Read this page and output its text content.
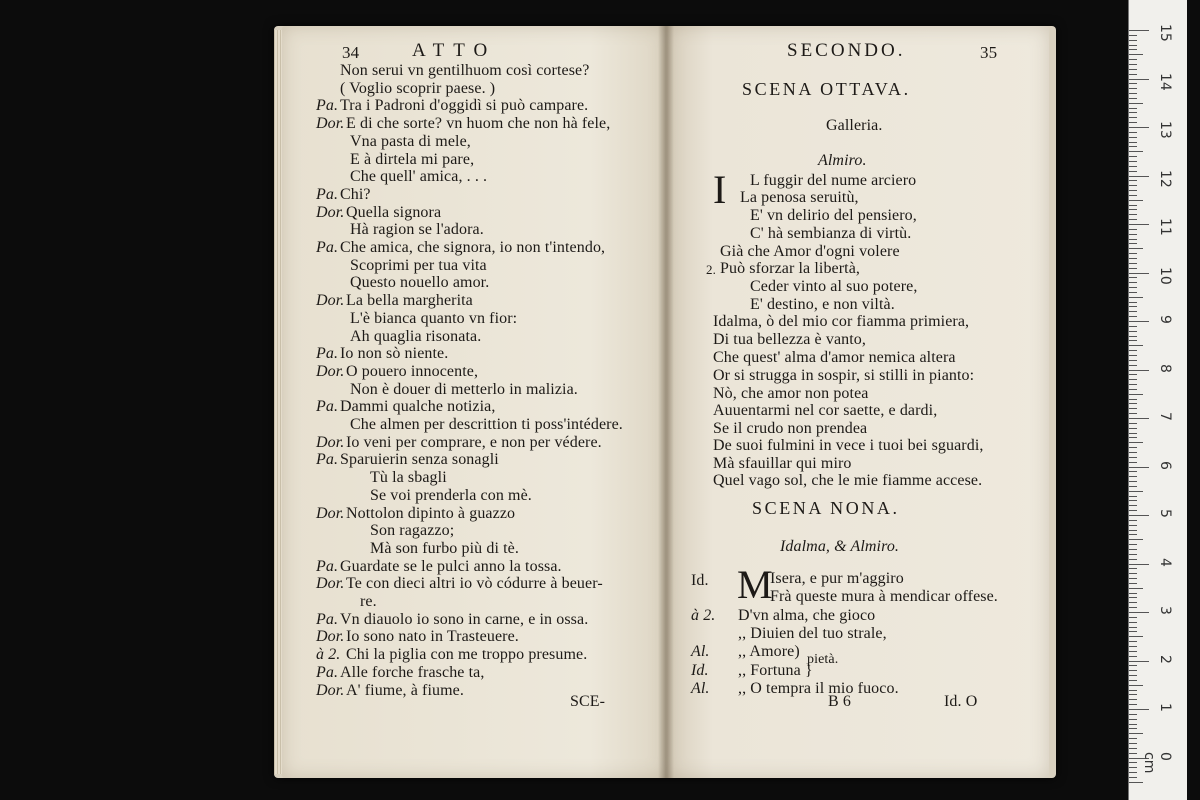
34	ATTO
Non serui vn gentilhuom così cortese?
( Voglio scoprir paese. )
Pa. Tra i Padroni d'oggidì si può campare.
Dor. E di che sorte? vn huom che non hà fele,
Vna pasta di mele,
E à dirtela mi pare,
Che quell' amica, . . .
Pa. Chi?
Dor. Quella signora
Hà ragion se l'adora.
Pa. Che amica, che signora, io non t'intendo,
Scoprimi per tua vita
Questo nouello amor.
Dor. La bella margherita
L'è bianca quanto vn fior:
Ah quaglia risonata.
Pa. Io non sò niente.
Dor. O pouero innocente,
Non è douer di metterlo in malizia.
Pa. Dammi qualche notizia,
Che almen per descrittion ti poss'intédere.
Dor. Io veni per comprare, e non per védere.
Pa. Sparuierin senza sonagli
Tù la sbagli
Se voi prenderla con mè.
Dor. Nottolon dipinto à guazzo
Son ragazzo;
Mà son furbo più di tè.
Pa. Guardate se le pulci anno la tossa.
Dor. Te con dieci altri io vò códurre à beuer-
re.
Pa. Vn diauolo io sono in carne, e in ossa.
Dor. Io sono nato in Trasteuere.
à 2. Chi la piglia con me troppo presume.
Pa. Alle forche frasche ta,
Dor. A' fiume, à fiume.
SCE-
SECONDO.	35
SCENA OTTAVA.
Galleria.
Almiro.
I
2.
L fuggir del nume arciero
La penosa seruitù,
E' vn delirio del pensiero,
C' hà sembianza di virtù.
Già che Amor d'ogni volere
Può sforzar la libertà,
Ceder vinto al suo potere,
E' destino, e non viltà.
Idalma, ò del mio cor fiamma primiera,
Di tua bellezza è vanto,
Che quest' alma d'amor nemica altera
Or si strugga in sospir, si stilli in pianto:
Nò, che amor non potea
Auuentarmi nel cor saette, e dardi,
Se il crudo non prendea
De suoi fulmini in vece i tuoi bei sguardi,
Mà sfauillar qui miro
Quel vago sol, che le mie fiamme accese.
SCENA NONA.
Idalma, & Almiro.
Id. M
Isera, e pur m'aggiro
Frà queste mura à mendicar offese.
à 2. D'vn alma, che gioco
,, Diuien del tuo strale,
Al. ,, Amore)
Id. ,, Fortuna }
Al. ,, O tempra il mio fuoco.
pietà.
B 6	Id. O
15
14
13
12
11
10
9
8
7
6
5
4
3
2
1
0 cm
